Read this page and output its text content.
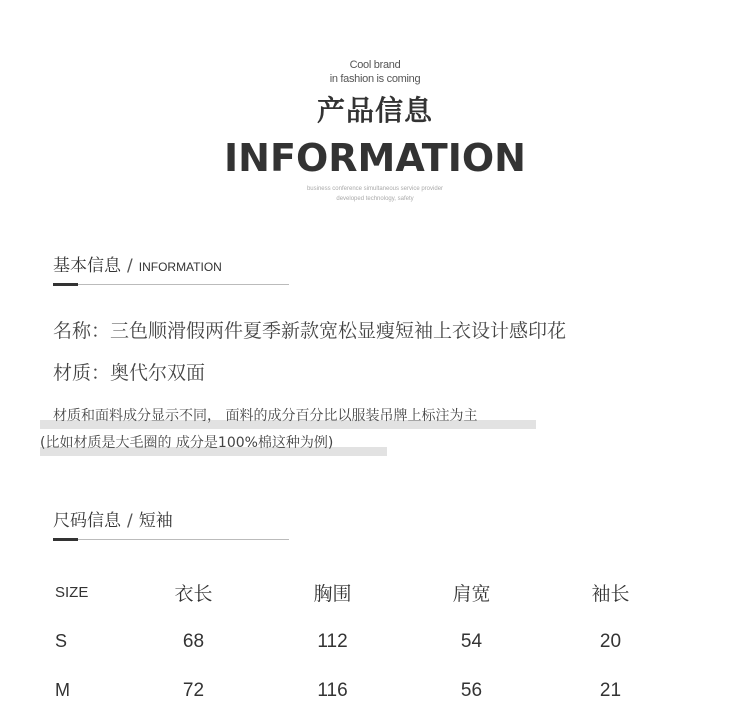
Cool brand
in fashion is coming
产品信息
INFORMATION
business conference simultaneous service provider
developed technology, safety
基本信息 / INFORMATION
名称：三色顺滑假两件夏季新款宽松显瘦短袖上衣设计感印花
材质：奥代尔双面
材质和面料成分显示不同， 面料的成分百分比以服装吊牌上标注为主
(比如材质是大毛圈的 成分是100%棉这种为例)
尺码信息 / 短袖
SIZE	衣长	胸围	肩宽	袖长
S	68	112	54	20
M	72	116	56	21
